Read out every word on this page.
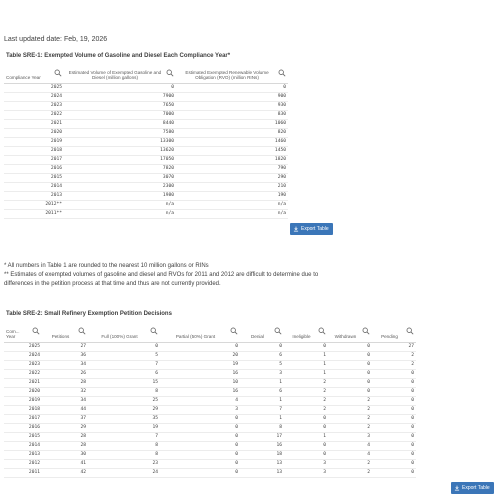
Last updated date: Feb, 19, 2026
Table SRE-1: Exempted Volume of Gasoline and Diesel Each Compliance Year*
Compliance Year	Estimated Volume of Exempted Gasoline and Diesel (million gallons)	Estimated Exempted Renewable Volume Obligation (RVO) (million RINs)

2025	0	0
2024	7900	900
2023	7650	930
2022	7000	830
2021	8440	1060
2020	7580	820
2019	13300	1460
2018	13620	1450
2017	17050	1820
2016	7820	790
2015	3070	290
2014	2300	210
2013	1980	190
2012**	n/a	n/a
2011**	n/a	n/a
Export Table
* All numbers in Table 1 are rounded to the nearest 10 million gallons or RINs
** Estimates of exempted volumes of gasoline and diesel and RVOs for 2011 and 2012 are difficult to determine due to differences in the petition process at that time and thus are not currently provided.
Table SRE-2: Small Refinery Exemption Petition Decisions
Com... Year	Petitions	Full (100%) Grant	Partial (50%) Grant	Denial	Ineligible	Withdrawn	Pending

2025	27	0	0	0	0	0	27
2024	36	5	20	6	1	0	2
2023	34	7	19	5	1	0	2
2022	26	6	16	3	1	0	0
2021	28	15	10	1	2	0	0
2020	32	8	16	6	2	0	0
2019	34	25	4	1	2	2	0
2018	44	29	3	7	2	2	0
2017	37	35	0	1	0	2	0
2016	29	19	0	8	0	2	0
2015	28	7	0	17	1	3	0
2014	28	8	0	16	0	4	0
2013	30	8	0	18	0	4	0
2012	41	23	0	13	3	2	0
2011	42	24	0	13	3	2	0
Export Table
